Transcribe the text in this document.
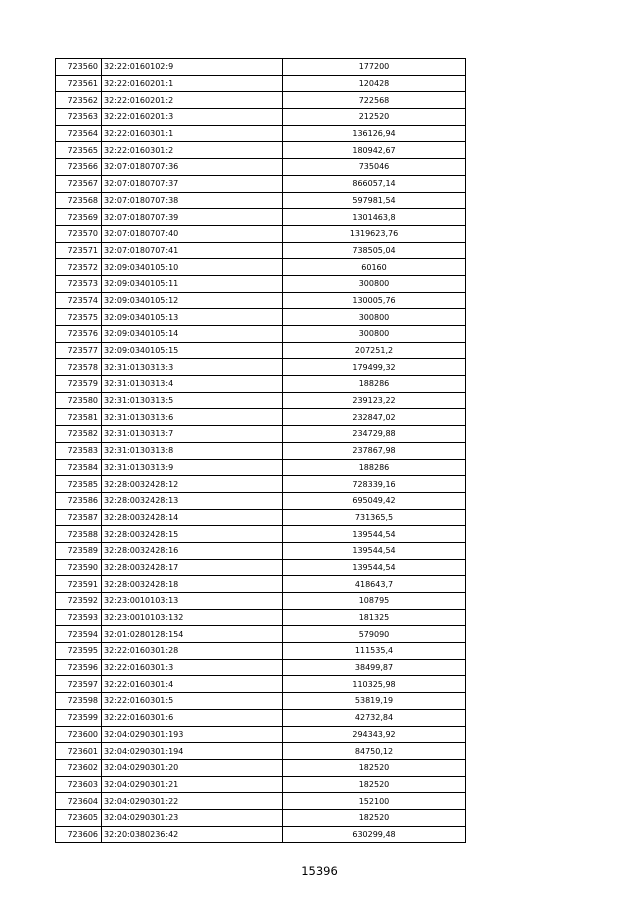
723560	32:22:0160102:9	177200
723561	32:22:0160201:1	120428
723562	32:22:0160201:2	722568
723563	32:22:0160201:3	212520
723564	32:22:0160301:1	136126,94
723565	32:22:0160301:2	180942,67
723566	32:07:0180707:36	735046
723567	32:07:0180707:37	866057,14
723568	32:07:0180707:38	597981,54
723569	32:07:0180707:39	1301463,8
723570	32:07:0180707:40	1319623,76
723571	32:07:0180707:41	738505,04
723572	32:09:0340105:10	60160
723573	32:09:0340105:11	300800
723574	32:09:0340105:12	130005,76
723575	32:09:0340105:13	300800
723576	32:09:0340105:14	300800
723577	32:09:0340105:15	207251,2
723578	32:31:0130313:3	179499,32
723579	32:31:0130313:4	188286
723580	32:31:0130313:5	239123,22
723581	32:31:0130313:6	232847,02
723582	32:31:0130313:7	234729,88
723583	32:31:0130313:8	237867,98
723584	32:31:0130313:9	188286
723585	32:28:0032428:12	728339,16
723586	32:28:0032428:13	695049,42
723587	32:28:0032428:14	731365,5
723588	32:28:0032428:15	139544,54
723589	32:28:0032428:16	139544,54
723590	32:28:0032428:17	139544,54
723591	32:28:0032428:18	418643,7
723592	32:23:0010103:13	108795
723593	32:23:0010103:132	181325
723594	32:01:0280128:154	579090
723595	32:22:0160301:28	111535,4
723596	32:22:0160301:3	38499,87
723597	32:22:0160301:4	110325,98
723598	32:22:0160301:5	53819,19
723599	32:22:0160301:6	42732,84
723600	32:04:0290301:193	294343,92
723601	32:04:0290301:194	84750,12
723602	32:04:0290301:20	182520
723603	32:04:0290301:21	182520
723604	32:04:0290301:22	152100
723605	32:04:0290301:23	182520
723606	32:20:0380236:42	630299,48
15396
